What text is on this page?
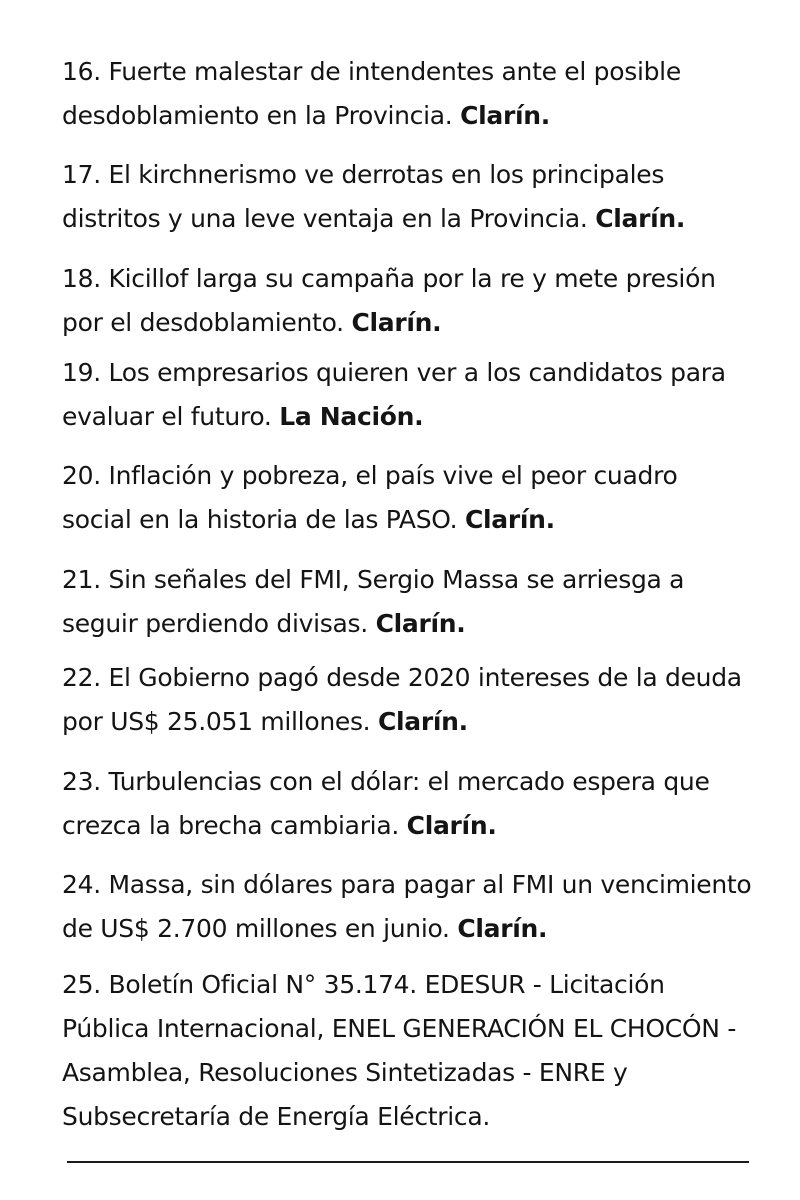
16. Fuerte malestar de intendentes ante el posible desdoblamiento en la Provincia. Clarín.

17. El kirchnerismo ve derrotas en los principales distritos y una leve ventaja en la Provincia. Clarín.

18. Kicillof larga su campaña por la re y mete presión por el desdoblamiento. Clarín.

19. Los empresarios quieren ver a los candidatos para evaluar el futuro. La Nación.

20. Inflación y pobreza, el país vive el peor cuadro social en la historia de las PASO. Clarín.

21. Sin señales del FMI, Sergio Massa se arriesga a seguir perdiendo divisas. Clarín.

22. El Gobierno pagó desde 2020 intereses de la deuda por US$ 25.051 millones. Clarín.

23. Turbulencias con el dólar: el mercado espera que crezca la brecha cambiaria. Clarín.

24. Massa, sin dólares para pagar al FMI un vencimiento de US$ 2.700 millones en junio. Clarín.

25. Boletín Oficial N° 35.174. EDESUR - Licitación Pública Internacional, ENEL GENERACIÓN EL CHOCÓN - Asamblea, Resoluciones Sintetizadas - ENRE y Subsecretaría de Energía Eléctrica.
